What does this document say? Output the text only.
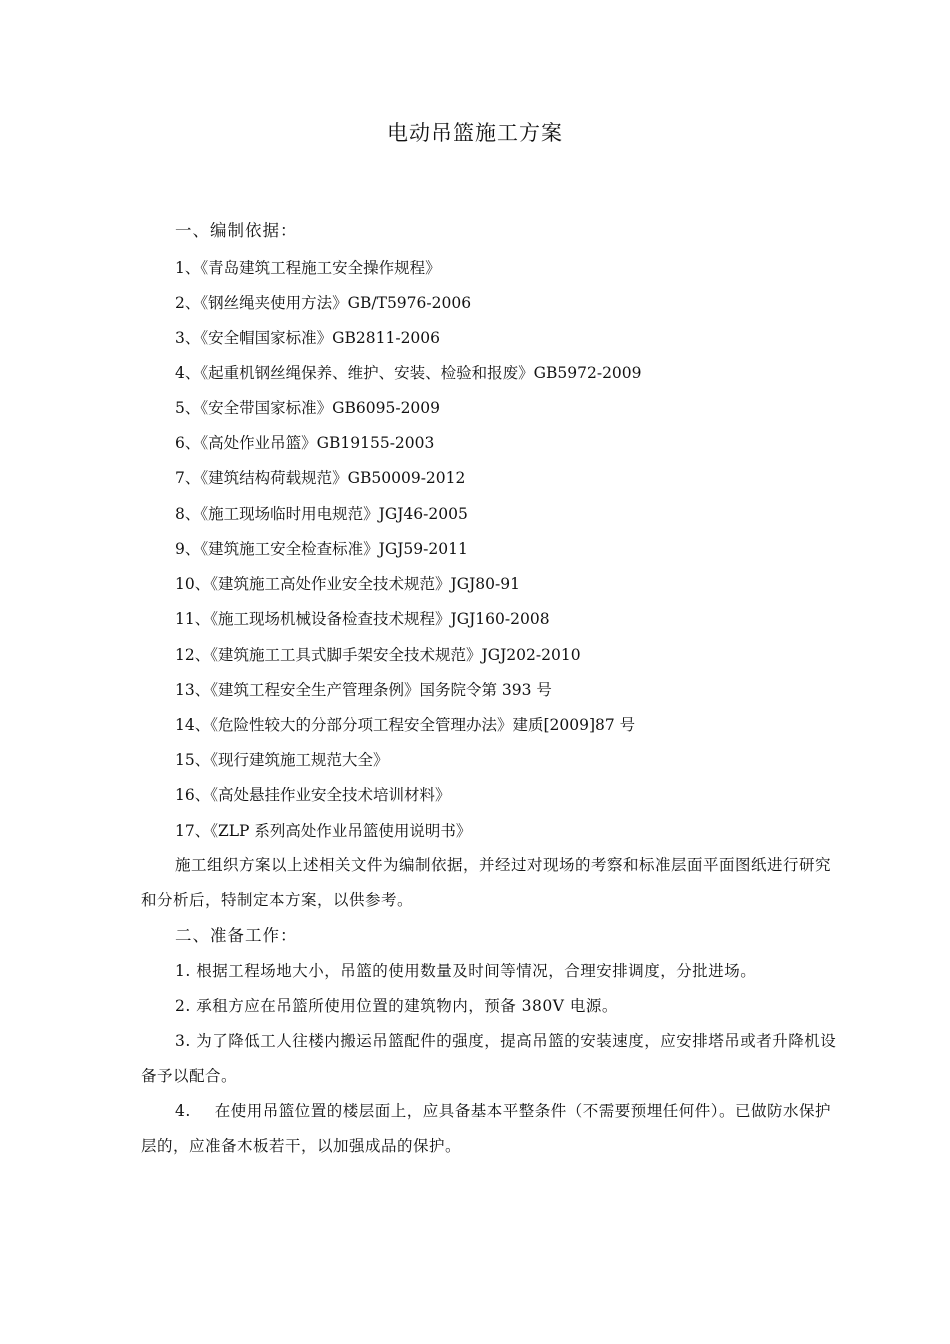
电动吊篮施工方案

一、编制依据：

1、《青岛建筑工程施工安全操作规程》

2、《钢丝绳夹使用方法》GB/T5976-2006

3、《安全帽国家标准》GB2811-2006

4、《起重机钢丝绳保养、维护、安装、检验和报废》GB5972-2009

5、《安全带国家标准》GB6095-2009

6、《高处作业吊篮》GB19155-2003

7、《建筑结构荷载规范》GB50009-2012

8、《施工现场临时用电规范》JGJ46-2005

9、《建筑施工安全检查标准》JGJ59-2011

10、《建筑施工高处作业安全技术规范》JGJ80-91

11、《施工现场机械设备检查技术规程》JGJ160-2008

12、《建筑施工工具式脚手架安全技术规范》JGJ202-2010

13、《建筑工程安全生产管理条例》国务院令第 393 号

14、《危险性较大的分部分项工程安全管理办法》建质[2009]87 号

15、《现行建筑施工规范大全》

16、《高处悬挂作业安全技术培训材料》

17、《ZLP 系列高处作业吊篮使用说明书》

施工组织方案以上述相关文件为编制依据，并经过对现场的考察和标准层面平面图纸进行研究和分析后，特制定本方案，以供参考。

二、准备工作：

1. 根据工程场地大小，吊篮的使用数量及时间等情况，合理安排调度，分批进场。

2. 承租方应在吊篮所使用位置的建筑物内，预备 380V 电源。

3. 为了降低工人往楼内搬运吊篮配件的强度，提高吊篮的安装速度，应安排塔吊或者升降机设备予以配合。

4. 在使用吊篮位置的楼层面上，应具备基本平整条件（不需要预埋任何件）。已做防水保护层的，应准备木板若干，以加强成品的保护。
